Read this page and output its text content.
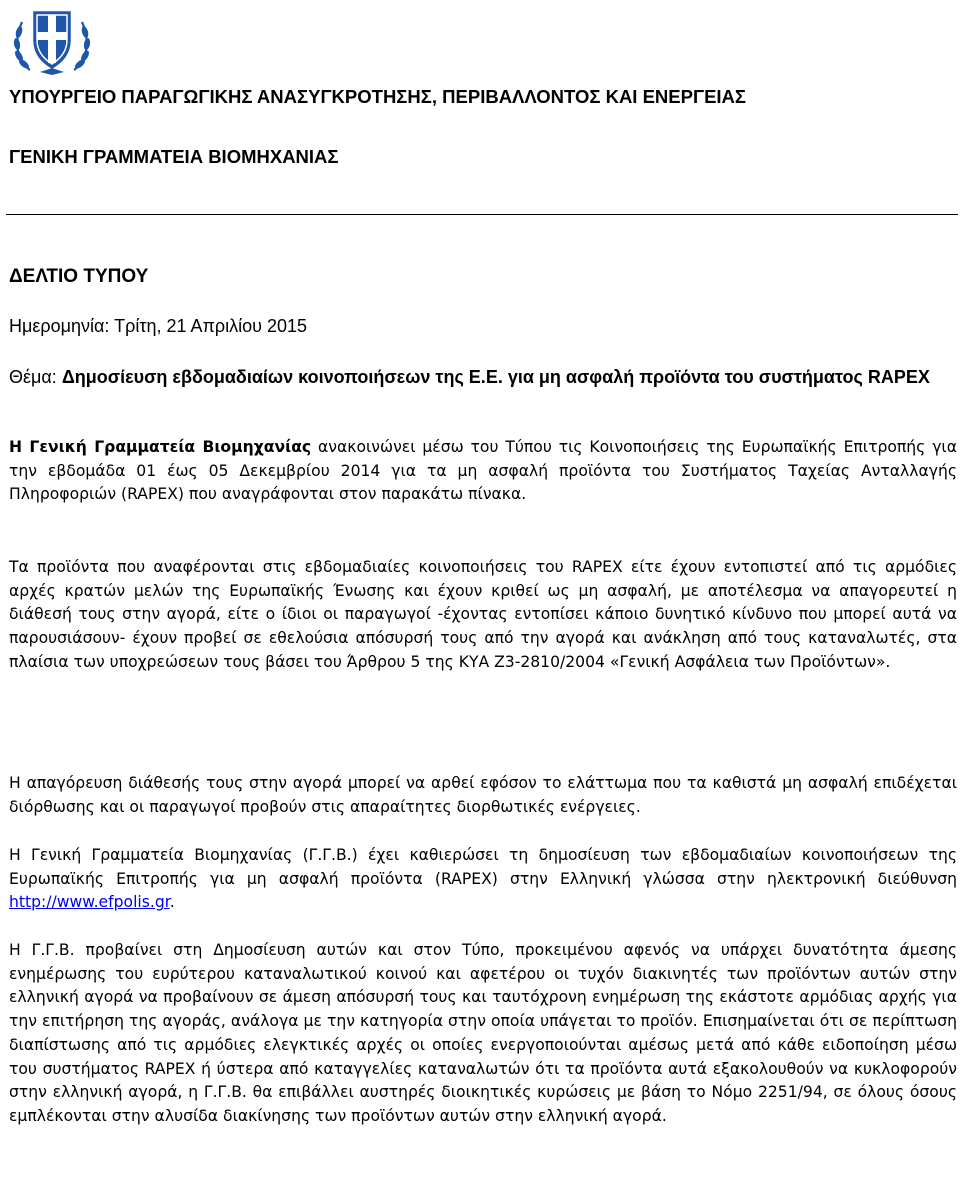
ΥΠΟΥΡΓΕΙΟ ΠΑΡΑΓΩΓΙΚΗΣ ΑΝΑΣΥΓΚΡΟΤΗΣΗΣ, ΠΕΡΙΒΑΛΛΟΝΤΟΣ ΚΑΙ ΕΝΕΡΓΕΙΑΣ

ΓΕΝΙΚΗ ΓΡΑΜΜΑΤΕΙΑ ΒΙΟΜΗΧΑΝΙΑΣ

ΔΕΛΤΙΟ ΤΥΠΟΥ

Ημερομηνία: Τρίτη, 21 Απριλίου 2015

Θέμα: Δημοσίευση εβδομαδιαίων κοινοποιήσεων της Ε.Ε. για μη ασφαλή προϊόντα του συστήματος RAPEX

Η Γενική Γραμματεία Βιομηχανίας ανακοινώνει μέσω του Τύπου τις Κοινοποιήσεις της Ευρωπαϊκής Επιτροπής για την εβδομάδα 01 έως 05 Δεκεμβρίου 2014 για τα μη ασφαλή προϊόντα του Συστήματος Ταχείας Ανταλλαγής Πληροφοριών (RAPEX) που αναγράφονται στον παρακάτω πίνακα.

Τα προϊόντα που αναφέρονται στις εβδομαδιαίες κοινοποιήσεις του RAPEX είτε έχουν εντοπιστεί από τις αρμόδιες αρχές κρατών μελών της Ευρωπαϊκής Ένωσης και έχουν κριθεί ως μη ασφαλή, με αποτέλεσμα να απαγορευτεί η διάθεσή τους στην αγορά, είτε ο ίδιοι οι παραγωγοί -έχοντας εντοπίσει κάποιο δυνητικό κίνδυνο που μπορεί αυτά να παρουσιάσουν- έχουν προβεί σε εθελούσια απόσυρσή τους από την αγορά και ανάκληση από τους καταναλωτές, στα πλαίσια των υποχρεώσεων τους βάσει του Άρθρου 5 της ΚΥΑ Ζ3-2810/2004 «Γενική Ασφάλεια των Προϊόντων».

Η απαγόρευση διάθεσής τους στην αγορά μπορεί να αρθεί εφόσον το ελάττωμα που τα καθιστά μη ασφαλή επιδέχεται διόρθωσης και οι παραγωγοί προβούν στις απαραίτητες διορθωτικές ενέργειες.

Η Γενική Γραμματεία Βιομηχανίας (Γ.Γ.Β.) έχει καθιερώσει τη δημοσίευση των εβδομαδιαίων κοινοποιήσεων της Ευρωπαϊκής Επιτροπής για μη ασφαλή προϊόντα (RAPEX) στην Ελληνική γλώσσα στην ηλεκτρονική διεύθυνση http://www.efpolis.gr.

Η Γ.Γ.Β. προβαίνει στη Δημοσίευση αυτών και στον Τύπο, προκειμένου αφενός να υπάρχει δυνατότητα άμεσης ενημέρωσης του ευρύτερου καταναλωτικού κοινού και αφετέρου οι τυχόν διακινητές των προϊόντων αυτών στην ελληνική αγορά να προβαίνουν σε άμεση απόσυρσή τους και ταυτόχρονη ενημέρωση της εκάστοτε αρμόδιας αρχής για την επιτήρηση της αγοράς, ανάλογα με την κατηγορία στην οποία υπάγεται το προϊόν. Επισημαίνεται ότι σε περίπτωση διαπίστωσης από τις αρμόδιες ελεγκτικές αρχές οι οποίες ενεργοποιούνται αμέσως μετά από κάθε ειδοποίηση μέσω του συστήματος RAPEX ή ύστερα από καταγγελίες καταναλωτών ότι τα προϊόντα αυτά εξακολουθούν να κυκλοφορούν στην ελληνική αγορά, η Γ.Γ.Β. θα επιβάλλει αυστηρές διοικητικές κυρώσεις με βάση το Νόμο 2251/94, σε όλους όσους εμπλέκονται στην αλυσίδα διακίνησης των προϊόντων αυτών στην ελληνική αγορά.
